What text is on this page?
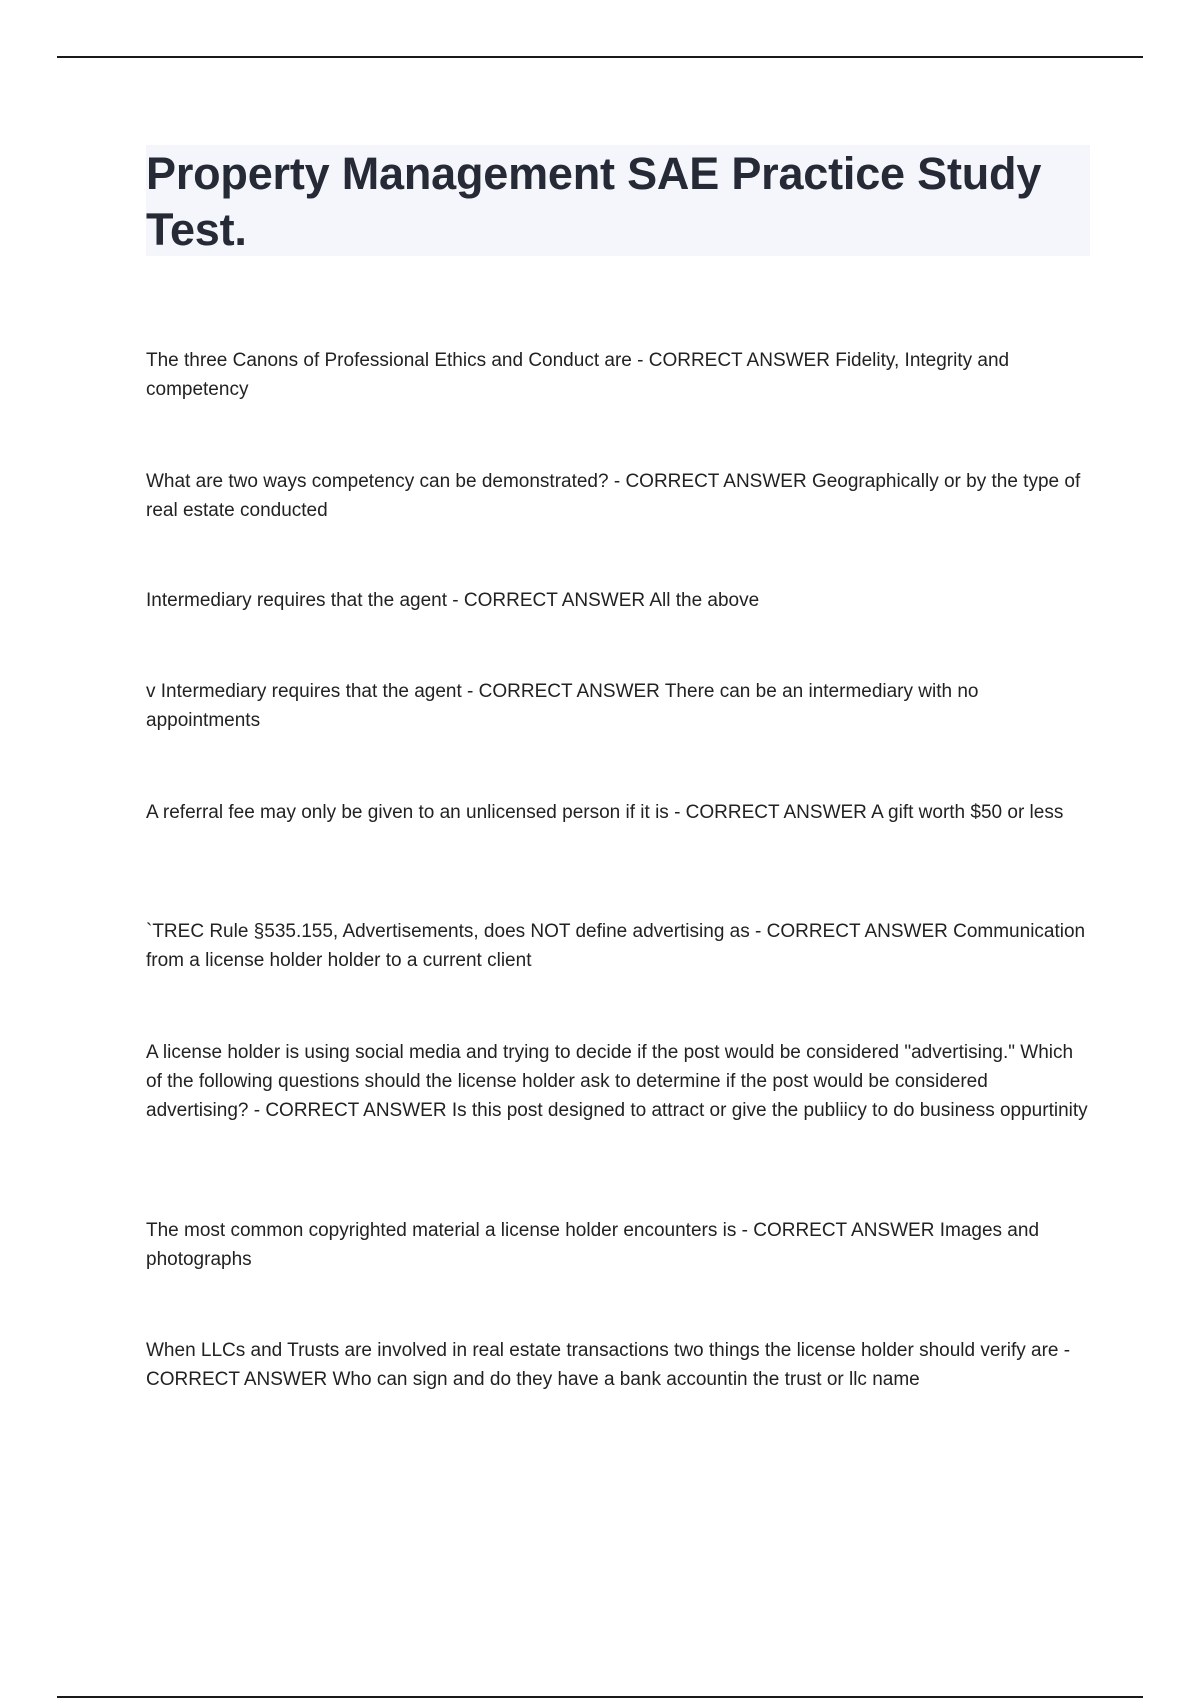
Property Management SAE Practice Study Test.

The three Canons of Professional Ethics and Conduct are - CORRECT ANSWER Fidelity, Integrity and competency

What are two ways competency can be demonstrated? - CORRECT ANSWER Geographically or by the type of real estate conducted

Intermediary requires that the agent - CORRECT ANSWER All the above

v Intermediary requires that the agent - CORRECT ANSWER There can be an intermediary with no appointments

A referral fee may only be given to an unlicensed person if it is - CORRECT ANSWER A gift worth $50 or less

`TREC Rule §535.155, Advertisements, does NOT define advertising as - CORRECT ANSWER Communication from a license holder holder to a current client

A license holder is using social media and trying to decide if the post would be considered "advertising." Which of the following questions should the license holder ask to determine if the post would be considered advertising? - CORRECT ANSWER Is this post designed to attract or give the publiicy to do business oppurtinity

The most common copyrighted material a license holder encounters is - CORRECT ANSWER Images and photographs

When LLCs and Trusts are involved in real estate transactions two things the license holder should verify are - CORRECT ANSWER Who can sign and do they have a bank accountin the trust or llc name
